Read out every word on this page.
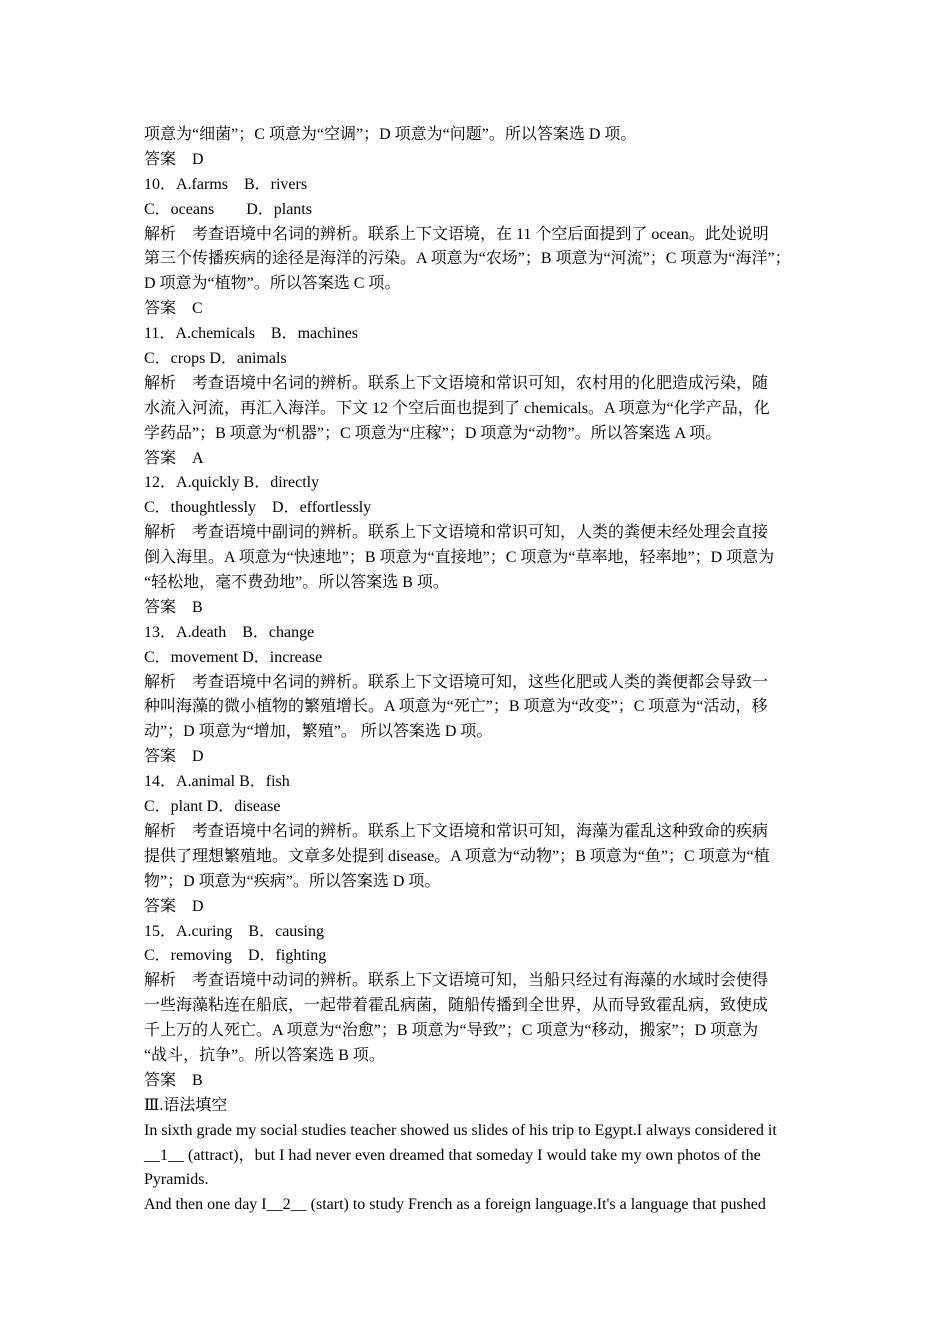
项意为“细菌”；C 项意为“空调”；D 项意为“问题”。所以答案选 D 项。
答案　D
10．A.farms　B．rivers
C．oceans　　D．plants
解析　考查语境中名词的辨析。联系上下文语境，在 11 个空后面提到了 ocean。此处说明
第三个传播疾病的途径是海洋的污染。A 项意为“农场”；B 项意为“河流”；C 项意为“海洋”；
D 项意为“植物”。所以答案选 C 项。
答案　C
11．A.chemicals　B．machines
C．crops D．animals
解析　考查语境中名词的辨析。联系上下文语境和常识可知，农村用的化肥造成污染，随
水流入河流，再汇入海洋。下文 12 个空后面也提到了 chemicals。A 项意为“化学产品，化
学药品”；B 项意为“机器”；C 项意为“庄稼”；D 项意为“动物”。所以答案选 A 项。
答案　A
12．A.quickly B．directly
C．thoughtlessly　D．effortlessly
解析　考查语境中副词的辨析。联系上下文语境和常识可知，人类的粪便未经处理会直接
倒入海里。A 项意为“快速地”；B 项意为“直接地”；C 项意为“草率地，轻率地”；D 项意为
“轻松地，毫不费劲地”。所以答案选 B 项。
答案　B
13．A.death　B．change
C．movement D．increase
解析　考查语境中名词的辨析。联系上下文语境可知，这些化肥或人类的粪便都会导致一
种叫海藻的微小植物的繁殖增长。A 项意为“死亡”；B 项意为“改变”；C 项意为“活动，移
动”；D 项意为“增加，繁殖”。 所以答案选 D 项。
答案　D
14．A.animal B．fish
C．plant D．disease
解析　考查语境中名词的辨析。联系上下文语境和常识可知，海藻为霍乱这种致命的疾病
提供了理想繁殖地。文章多处提到 disease。A 项意为“动物”；B 项意为“鱼”；C 项意为“植
物”；D 项意为“疾病”。所以答案选 D 项。
答案　D
15．A.curing　B．causing
C．removing　D．fighting
解析　考查语境中动词的辨析。联系上下文语境可知，当船只经过有海藻的水域时会使得
一些海藻粘连在船底，一起带着霍乱病菌，随船传播到全世界，从而导致霍乱病，致使成
千上万的人死亡。A 项意为“治愈”；B 项意为“导致”；C 项意为“移动，搬家”；D 项意为
“战斗，抗争”。所以答案选 B 项。
答案　B
Ⅲ.语法填空
In sixth grade my social studies teacher showed us slides of his trip to Egypt.I always considered it
__1__ (attract)，but I had never even dreamed that someday I would take my own photos of the
Pyramids.
And then one day I__2__ (start) to study French as a foreign language.It's a language that pushed
